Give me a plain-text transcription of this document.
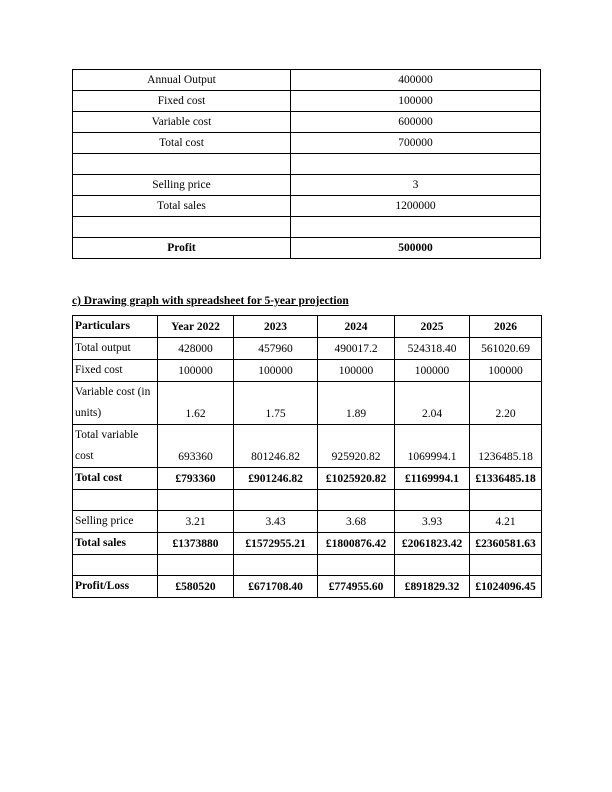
Annual Output	400000
Fixed cost	100000
Variable cost	600000
Total cost	700000

Selling price	3
Total sales	1200000

Profit	500000
c) Drawing graph with spreadsheet for 5-year projection
Particulars	Year 2022	2023	2024	2025	2026
Total output	428000	457960	490017.2	524318.40	561020.69
Fixed cost	100000	100000	100000	100000	100000
Variable cost (in units)	1.62	1.75	1.89	2.04	2.20
Total variable cost	693360	801246.82	925920.82	1069994.1	1236485.18
Total cost	£793360	£901246.82	£1025920.82	£1169994.1	£1336485.18

Selling price	3.21	3.43	3.68	3.93	4.21
Total sales	£1373880	£1572955.21	£1800876.42	£2061823.42	£2360581.63

Profit/Loss	£580520	£671708.40	£774955.60	£891829.32	£1024096.45
